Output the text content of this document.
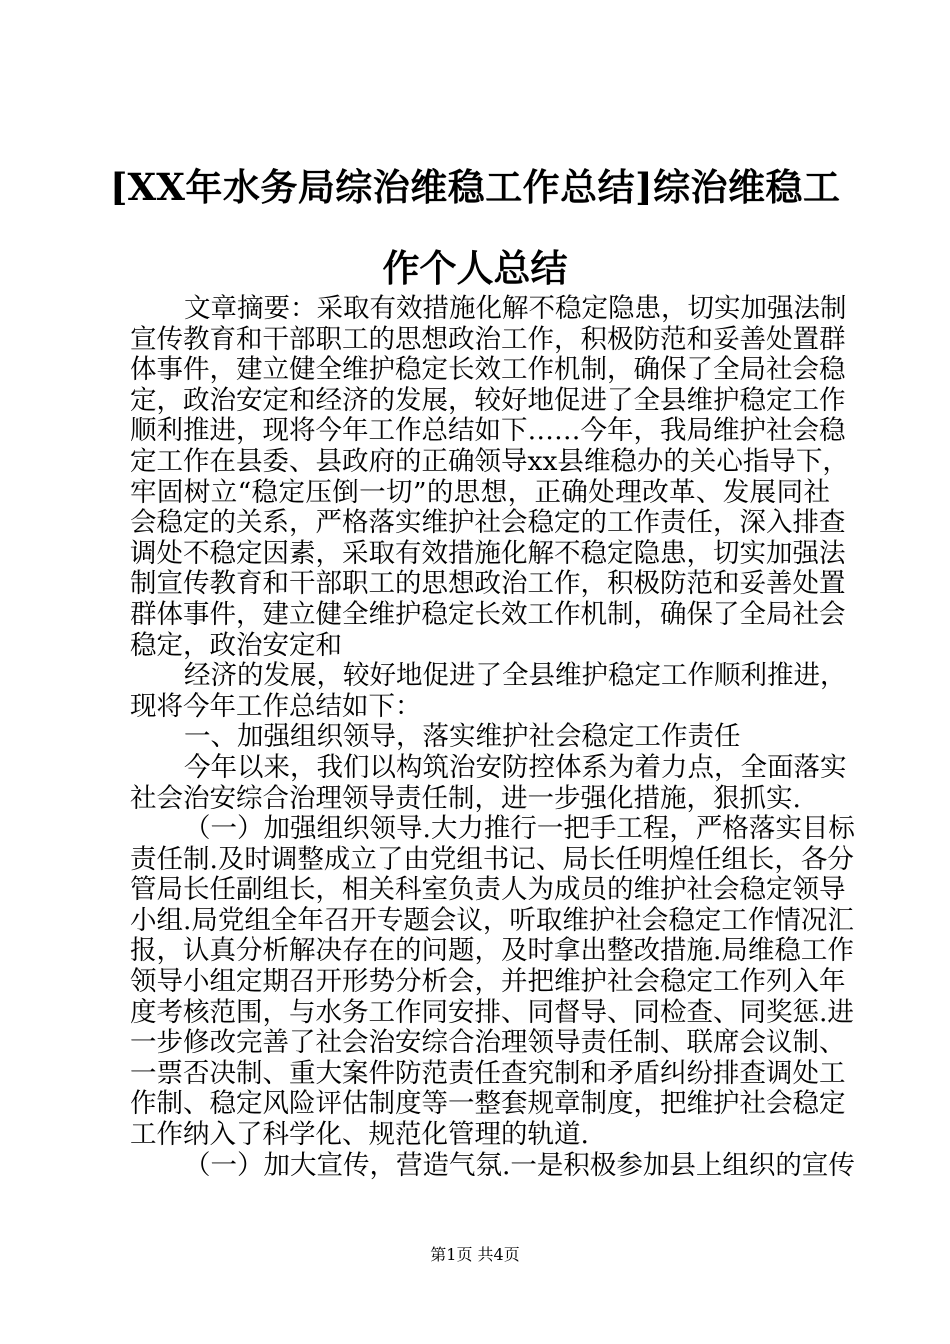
[XX年水务局综治维稳工作总结]综治维稳工
作个人总结
文章摘要：采取有效措施化解不稳定隐患，切实加强法制
宣传教育和干部职工的思想政治工作，积极防范和妥善处置群
体事件，建立健全维护稳定长效工作机制，确保了全局社会稳
定，政治安定和经济的发展，较好地促进了全县维护稳定工作
顺利推进，现将今年工作总结如下……今年，我局维护社会稳
定工作在县委、县政府的正确领导xx县维稳办的关心指导下，
牢固树立“稳定压倒一切”的思想，正确处理改革、发展同社
会稳定的关系，严格落实维护社会稳定的工作责任，深入排查
调处不稳定因素，采取有效措施化解不稳定隐患，切实加强法
制宣传教育和干部职工的思想政治工作，积极防范和妥善处置
群体事件，建立健全维护稳定长效工作机制，确保了全局社会
稳定，政治安定和
经济的发展，较好地促进了全县维护稳定工作顺利推进，
现将今年工作总结如下：
一、加强组织领导，落实维护社会稳定工作责任
今年以来，我们以构筑治安防控体系为着力点，全面落实
社会治安综合治理领导责任制，进一步强化措施，狠抓实.
（一）加强组织领导.大力推行一把手工程，严格落实目标
责任制.及时调整成立了由党组书记、局长任明煌任组长，各分
管局长任副组长，相关科室负责人为成员的维护社会稳定领导
小组.局党组全年召开专题会议，听取维护社会稳定工作情况汇
报，认真分析解决存在的问题，及时拿出整改措施.局维稳工作
领导小组定期召开形势分析会，并把维护社会稳定工作列入年
度考核范围，与水务工作同安排、同督导、同检查、同奖惩.进
一步修改完善了社会治安综合治理领导责任制、联席会议制、
一票否决制、重大案件防范责任查究制和矛盾纠纷排查调处工
作制、稳定风险评估制度等一整套规章制度，把维护社会稳定
工作纳入了科学化、规范化管理的轨道.
（一）加大宣传，营造气氛.一是积极参加县上组织的宣传
第1页 共4页
